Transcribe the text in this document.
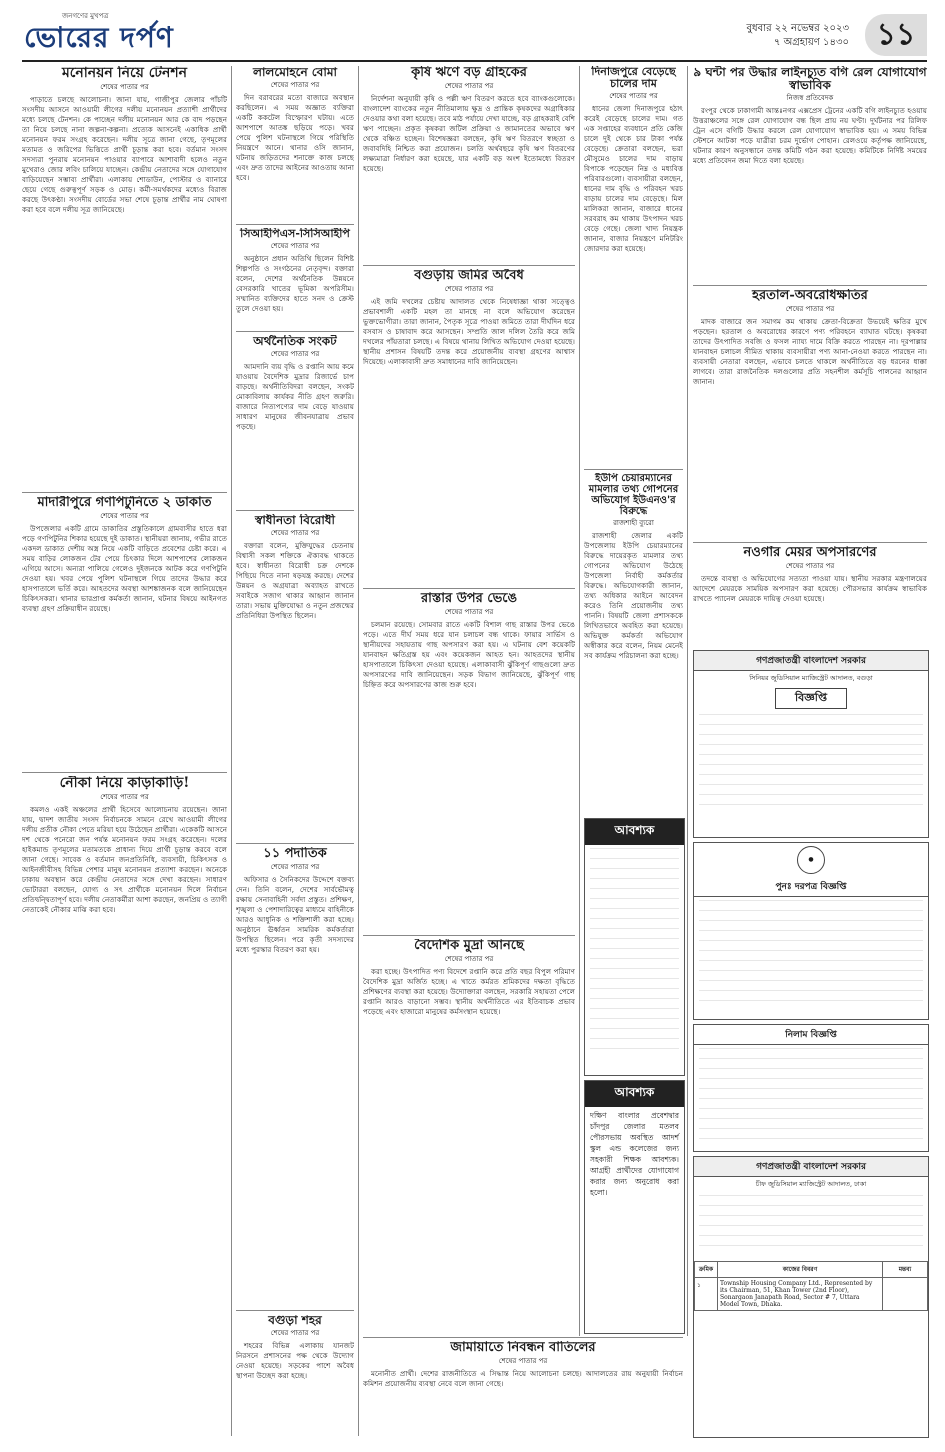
জনগণের মুখপত্র
ভোরের দর্পণ	বুধবার ২২ নভেম্বর ২০২৩
৭ অগ্রহায়ণ ১৪৩০ ১১
মনোনয়ন নিয়ে টেনশন
শেষের পাতার পর

পাড়াতে চলছে আলোচনা। জানা যায়, গাজীপুর জেলার পাঁচটি সংসদীয় আসনে আওয়ামী লীগের দলীয় মনোনয়ন প্রত্যাশী প্রার্থীদের মধ্যে চলছে টেনশন। কে পাচ্ছেন দলীয় মনোনয়ন আর কে বাদ পড়ছেন তা নিয়ে চলছে নানা জল্পনা-কল্পনা। প্রত্যেক আসনেই একাধিক প্রার্থী মনোনয়ন ফরম সংগ্রহ করেছেন। দলীয় সূত্রে জানা গেছে, তৃণমূলের মতামত ও জরিপের ভিত্তিতে প্রার্থী চূড়ান্ত করা হবে। বর্তমান সংসদ সদস্যরা পুনরায় মনোনয়ন পাওয়ার ব্যাপারে আশাবাদী হলেও নতুন মুখেরাও জোর লবিং চালিয়ে যাচ্ছেন। কেন্দ্রীয় নেতাদের সঙ্গে যোগাযোগ বাড়িয়েছেন সম্ভাব্য প্রার্থীরা। এলাকায় শোডাউন, পোস্টার ও ব্যানারে ছেয়ে গেছে গুরুত্বপূর্ণ সড়ক ও মোড়। কর্মী-সমর্থকদের মধ্যেও বিরাজ করছে উৎকণ্ঠা। সংসদীয় বোর্ডের সভা শেষে চূড়ান্ত প্রার্থীর নাম ঘোষণা করা হবে বলে দলীয় সূত্র জানিয়েছে।

মাদারীপুরে গণপিটুনিতে ২ ডাকাত
শেষের পাতার পর

উপজেলার একটি গ্রামে ডাকাতির প্রস্তুতিকালে গ্রামবাসীর হাতে ধরা পড়ে গণপিটুনির শিকার হয়েছে দুই ডাকাত। স্থানীয়রা জানায়, গভীর রাতে একদল ডাকাত দেশীয় অস্ত্র নিয়ে একটি বাড়িতে প্রবেশের চেষ্টা করে। এ সময় বাড়ির লোকজন টের পেয়ে চিৎকার দিলে আশপাশের লোকজন এগিয়ে আসে। অন্যরা পালিয়ে গেলেও দুইজনকে আটক করে গণপিটুনি দেওয়া হয়। খবর পেয়ে পুলিশ ঘটনাস্থলে গিয়ে তাদের উদ্ধার করে হাসপাতালে ভর্তি করে। আহতদের অবস্থা আশঙ্কাজনক বলে জানিয়েছেন চিকিৎসকরা। থানার ভারপ্রাপ্ত কর্মকর্তা জানান, ঘটনার বিষয়ে আইনগত ব্যবস্থা গ্রহণ প্রক্রিয়াধীন রয়েছে।

নৌকা নিয়ে কাড়াকাড়ি!
শেষের পাতার পর

কমলও একই অঞ্চলের প্রার্থী হিসেবে আলোচনায় রয়েছেন। জানা যায়, দ্বাদশ জাতীয় সংসদ নির্বাচনকে সামনে রেখে আওয়ামী লীগের দলীয় প্রতীক নৌকা পেতে মরিয়া হয়ে উঠেছেন প্রার্থীরা। একেকটি আসনে দশ থেকে পনেরো জন পর্যন্ত মনোনয়ন ফরম সংগ্রহ করেছেন। দলের হাইকমান্ড তৃণমূলের মতামতকে প্রাধান্য দিয়ে প্রার্থী চূড়ান্ত করবে বলে জানা গেছে। সাবেক ও বর্তমান জনপ্রতিনিধি, ব্যবসায়ী, চিকিৎসক ও আইনজীবীসহ বিভিন্ন পেশার মানুষ মনোনয়ন প্রত্যাশা করছেন। অনেকে ঢাকায় অবস্থান করে কেন্দ্রীয় নেতাদের সঙ্গে দেখা করছেন। সাধারণ ভোটাররা বলছেন, যোগ্য ও সৎ প্রার্থীকে মনোনয়ন দিলে নির্বাচন প্রতিদ্বন্দ্বিতাপূর্ণ হবে। দলীয় নেতাকর্মীরা আশা করছেন, জনপ্রিয় ও ত্যাগী নেতাকেই নৌকার মাঝি করা হবে।

লালমোহনে বোমা
শেষের পাতার পর

দিন বরাবরের মতো বাজারে অবস্থান করছিলেন। এ সময় অজ্ঞাত ব্যক্তিরা একটি ককটেল বিস্ফোরণ ঘটায়। এতে আশপাশে আতঙ্ক ছড়িয়ে পড়ে। খবর পেয়ে পুলিশ ঘটনাস্থলে গিয়ে পরিস্থিতি নিয়ন্ত্রণে আনে। থানার ওসি জানান, ঘটনায় জড়িতদের শনাক্তে কাজ চলছে এবং দ্রুত তাদের আইনের আওতায় আনা হবে।

সিআইপিএস-সিসিআইপি
শেষের পাতার পর

অনুষ্ঠানে প্রধান অতিথি ছিলেন বিশিষ্ট শিল্পপতি ও সংগঠনের নেতৃবৃন্দ। বক্তারা বলেন, দেশের অর্থনৈতিক উন্নয়নে বেসরকারি খাতের ভূমিকা অপরিসীম। সম্মানিত ব্যক্তিদের হাতে সনদ ও ক্রেস্ট তুলে দেওয়া হয়।

অর্থনৈতিক সংকট
শেষের পাতার পর

আমদানি ব্যয় বৃদ্ধি ও রপ্তানি আয় কমে যাওয়ায় বৈদেশিক মুদ্রার রিজার্ভে চাপ বাড়ছে। অর্থনীতিবিদরা বলছেন, সংকট মোকাবিলায় কার্যকর নীতি গ্রহণ জরুরি। বাজারে নিত্যপণ্যের দাম বেড়ে যাওয়ায় সাধারণ মানুষের জীবনযাত্রায় প্রভাব পড়ছে।

স্বাধীনতা বিরোধী
শেষের পাতার পর

বক্তারা বলেন, মুক্তিযুদ্ধের চেতনায় বিশ্বাসী সকল শক্তিকে ঐক্যবদ্ধ থাকতে হবে। স্বাধীনতা বিরোধী চক্র দেশকে পিছিয়ে দিতে নানা ষড়যন্ত্র করছে। দেশের উন্নয়ন ও অগ্রযাত্রা অব্যাহত রাখতে সবাইকে সজাগ থাকার আহ্বান জানান তারা। সভায় মুক্তিযোদ্ধা ও নতুন প্রজন্মের প্রতিনিধিরা উপস্থিত ছিলেন।

১১ পদাতিক
শেষের পাতার পর

অফিসার ও সৈনিকদের উদ্দেশে বক্তব্য দেন। তিনি বলেন, দেশের সার্বভৌমত্ব রক্ষায় সেনাবাহিনী সর্বদা প্রস্তুত। প্রশিক্ষণ, শৃঙ্খলা ও পেশাদারিত্বের মাধ্যমে বাহিনীকে আরও আধুনিক ও শক্তিশালী করা হচ্ছে। অনুষ্ঠানে ঊর্ধ্বতন সামরিক কর্মকর্তারা উপস্থিত ছিলেন। পরে কৃতী সদস্যদের মধ্যে পুরস্কার বিতরণ করা হয়।

বগুড়া শহর
শেষের পাতার পর

শহরের বিভিন্ন এলাকায় যানজট নিরসনে প্রশাসনের পক্ষ থেকে উদ্যোগ নেওয়া হয়েছে। সড়কের পাশে অবৈধ স্থাপনা উচ্ছেদ করা হচ্ছে।

কৃষি ঋণে বড় গ্রাহকের
শেষের পাতার পর

নির্দেশনা অনুযায়ী কৃষি ও পল্লী ঋণ বিতরণ করতে হবে ব্যাংকগুলোকে। বাংলাদেশ ব্যাংকের নতুন নীতিমালায় ক্ষুদ্র ও প্রান্তিক কৃষকদের অগ্রাধিকার দেওয়ার কথা বলা হয়েছে। তবে মাঠ পর্যায়ে দেখা যাচ্ছে, বড় গ্রাহকরাই বেশি ঋণ পাচ্ছেন। প্রকৃত কৃষকরা জটিল প্রক্রিয়া ও জামানতের অভাবে ঋণ থেকে বঞ্চিত হচ্ছেন। বিশেষজ্ঞরা বলছেন, কৃষি ঋণ বিতরণে স্বচ্ছতা ও জবাবদিহি নিশ্চিত করা প্রয়োজন। চলতি অর্থবছরে কৃষি ঋণ বিতরণের লক্ষ্যমাত্রা নির্ধারণ করা হয়েছে, যার একটি বড় অংশ ইতোমধ্যে বিতরণ হয়েছে।

বগুড়ায় জমির অবৈধ
শেষের পাতার পর

এই জমি দখলের চেষ্টায় আদালত থেকে নিষেধাজ্ঞা থাকা সত্ত্বেও প্রভাবশালী একটি মহল তা মানছে না বলে অভিযোগ করেছেন ভুক্তভোগীরা। তারা জানান, পৈতৃক সূত্রে পাওয়া জমিতে তারা দীর্ঘদিন ধরে বসবাস ও চাষাবাদ করে আসছেন। সম্প্রতি জাল দলিল তৈরি করে জমি দখলের পাঁয়তারা চলছে। এ বিষয়ে থানায় লিখিত অভিযোগ দেওয়া হয়েছে। স্থানীয় প্রশাসন বিষয়টি তদন্ত করে প্রয়োজনীয় ব্যবস্থা গ্রহণের আশ্বাস দিয়েছে। এলাকাবাসী দ্রুত সমাধানের দাবি জানিয়েছেন।

রাস্তার উপর ভেঙে
শেষের পাতার পর

চলমান রয়েছে। সোমবার রাতে একটি বিশাল গাছ রাস্তার উপর ভেঙে পড়ে। এতে দীর্ঘ সময় ধরে যান চলাচল বন্ধ থাকে। ফায়ার সার্ভিস ও স্থানীয়দের সহায়তায় গাছ অপসারণ করা হয়। এ ঘটনায় বেশ কয়েকটি যানবাহন ক্ষতিগ্রস্ত হয় এবং কয়েকজন আহত হন। আহতদের স্থানীয় হাসপাতালে চিকিৎসা দেওয়া হয়েছে। এলাকাবাসী ঝুঁকিপূর্ণ গাছগুলো দ্রুত অপসারণের দাবি জানিয়েছেন। সড়ক বিভাগ জানিয়েছে, ঝুঁকিপূর্ণ গাছ চিহ্নিত করে অপসারণের কাজ শুরু হবে।

বৈদেশিক মুদ্রা আনছে
শেষের পাতার পর

করা হচ্ছে। উৎপাদিত পণ্য বিদেশে রপ্তানি করে প্রতি বছর বিপুল পরিমাণ বৈদেশিক মুদ্রা অর্জিত হচ্ছে। এ খাতে কর্মরত শ্রমিকদের দক্ষতা বৃদ্ধিতে প্রশিক্ষণের ব্যবস্থা করা হয়েছে। উদ্যোক্তারা বলছেন, সরকারি সহায়তা পেলে রপ্তানি আরও বাড়ানো সম্ভব। স্থানীয় অর্থনীতিতে এর ইতিবাচক প্রভাব পড়েছে এবং হাজারো মানুষের কর্মসংস্থান হয়েছে।

জামায়াতে নিবন্ধন বাতিলের
শেষের পাতার পর

মনোনীত প্রার্থী। দেশের রাজনীতিতে এ সিদ্ধান্ত নিয়ে আলোচনা চলছে। আদালতের রায় অনুযায়ী নির্বাচন কমিশন প্রয়োজনীয় ব্যবস্থা নেবে বলে জানা গেছে।

দিনাজপুরে বেড়েছে চালের দাম
শেষের পাতার পর

ধানের জেলা দিনাজপুরে হঠাৎ করেই বেড়েছে চালের দাম। গত এক সপ্তাহের ব্যবধানে প্রতি কেজি চালে দুই থেকে চার টাকা পর্যন্ত বেড়েছে। ক্রেতারা বলছেন, ভরা মৌসুমেও চালের দাম বাড়ায় বিপাকে পড়েছেন নিম্ন ও মধ্যবিত্ত পরিবারগুলো। ব্যবসায়ীরা বলছেন, ধানের দাম বৃদ্ধি ও পরিবহন খরচ বাড়ায় চালের দাম বেড়েছে। মিল মালিকরা জানান, বাজারে ধানের সরবরাহ কম থাকায় উৎপাদন খরচ বেড়ে গেছে। জেলা খাদ্য নিয়ন্ত্রক জানান, বাজার নিয়ন্ত্রণে মনিটরিং জোরদার করা হয়েছে।

ইউপি চেয়ারম্যানের মামলার তথ্য গোপনের অভিযোগ ইউএনও'র বিরুদ্ধে
রাজশাহী ব্যুরো

রাজশাহী জেলার একটি উপজেলায় ইউপি চেয়ারম্যানের বিরুদ্ধে দায়েরকৃত মামলার তথ্য গোপনের অভিযোগ উঠেছে উপজেলা নির্বাহী কর্মকর্তার বিরুদ্ধে। অভিযোগকারী জানান, তথ্য অধিকার আইনে আবেদন করেও তিনি প্রয়োজনীয় তথ্য পাননি। বিষয়টি জেলা প্রশাসককে লিখিতভাবে অবহিত করা হয়েছে। অভিযুক্ত কর্মকর্তা অভিযোগ অস্বীকার করে বলেন, নিয়ম মেনেই সব কার্যক্রম পরিচালনা করা হচ্ছে।

আবশ্যক
আবশ্যক
দক্ষিণ বাংলার প্রবেশদ্বার চাঁদপুর জেলার মতলব পৌরসভায় অবস্থিত আদর্শ স্কুল এন্ড কলেজের জন্য সহকারী শিক্ষক আবশ্যক। আগ্রহী প্রার্থীদের যোগাযোগ করার জন্য অনুরোধ করা হলো।
৯ ঘন্টা পর উদ্ধার লাইনচ্যুত বগি রেল যোগাযোগ স্বাভাবিক
নিজস্ব প্রতিবেদক

রংপুর থেকে ঢাকাগামী আন্তঃনগর এক্সপ্রেস ট্রেনের একটি বগি লাইনচ্যুত হওয়ায় উত্তরাঞ্চলের সঙ্গে রেল যোগাযোগ বন্ধ ছিল প্রায় নয় ঘণ্টা। দুর্ঘটনার পর রিলিফ ট্রেন এসে বগিটি উদ্ধার করলে রেল যোগাযোগ স্বাভাবিক হয়। এ সময় বিভিন্ন স্টেশনে আটকা পড়ে যাত্রীরা চরম দুর্ভোগ পোহান। রেলওয়ে কর্তৃপক্ষ জানিয়েছে, ঘটনার কারণ অনুসন্ধানে তদন্ত কমিটি গঠন করা হয়েছে। কমিটিকে নির্দিষ্ট সময়ের মধ্যে প্রতিবেদন জমা দিতে বলা হয়েছে।

হরতাল-অবরোধক্ষতির
শেষের পাতার পর

মাদক বাজারে জন সমাগম কম থাকায় ক্রেতা-বিক্রেতা উভয়েই ক্ষতির মুখে পড়ছেন। হরতাল ও অবরোধের কারণে পণ্য পরিবহনে ব্যাঘাত ঘটছে। কৃষকরা তাদের উৎপাদিত সবজি ও ফসল ন্যায্য দামে বিক্রি করতে পারছেন না। দূরপাল্লার যানবাহন চলাচল সীমিত থাকায় ব্যবসায়ীরা পণ্য আনা-নেওয়া করতে পারছেন না। ব্যবসায়ী নেতারা বলছেন, এভাবে চলতে থাকলে অর্থনীতিতে বড় ধরনের ধাক্কা লাগবে। তারা রাজনৈতিক দলগুলোর প্রতি সহনশীল কর্মসূচি পালনের আহ্বান জানান।

নওগাঁর মেয়র অপসারণের
শেষের পাতার পর

তদন্তে ব্যবস্থা ও অভিযোগের সত্যতা পাওয়া যায়। স্থানীয় সরকার মন্ত্রণালয়ের আদেশে মেয়রকে সাময়িক অপসারণ করা হয়েছে। পৌরসভার কার্যক্রম স্বাভাবিক রাখতে প্যানেল মেয়রকে দায়িত্ব দেওয়া হয়েছে।

গণপ্রজাতন্ত্রী বাংলাদেশ সরকার
সিনিয়র জুডিসিয়াল ম্যাজিস্ট্রেট আদালত, বগুড়া
বিজ্ঞপ্তি
●
পুনঃ দরপত্র বিজ্ঞপ্তি
নিলাম বিজ্ঞপ্তি
গণপ্রজাতন্ত্রী বাংলাদেশ সরকার
চীফ জুডিসিয়াল ম্যাজিস্ট্রেট আদালত, ঢাকা
ক্রমিক	কাজের বিবরণ	মন্তব্য
১	Township Housing Company Ltd., Represented by its Chairman, 51, Khan Tower (2nd Floor), Sonargaon Janapath Road, Sector # 7, Uttara Model Town, Dhaka.	
